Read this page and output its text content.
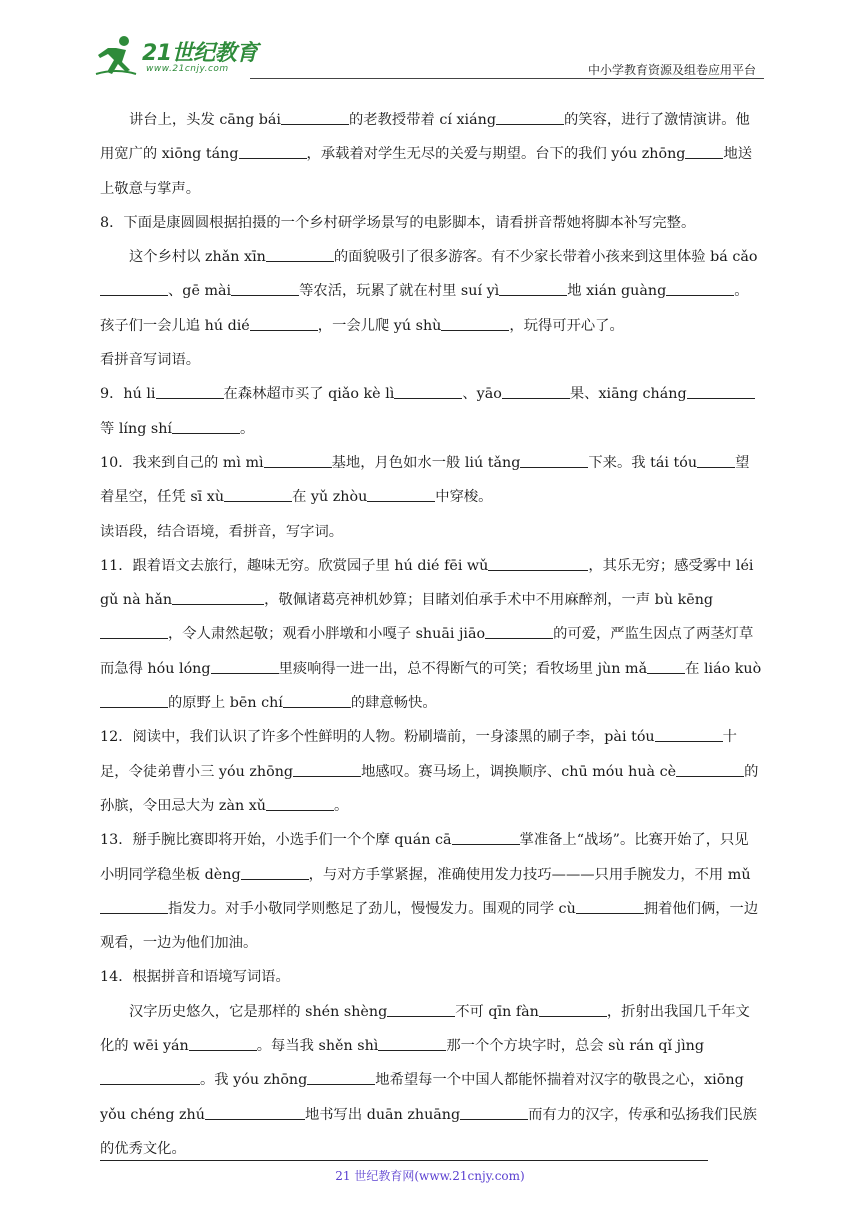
21世纪教育
www.21cnjy.com	中小学教育资源及组卷应用平台

讲台上，头发 cāng bái	的老教授带着 cí xiáng	的笑容，进行了激情演讲。他用宽广的 xiōng táng	，承载着对学生无尽的关爱与期望。台下的我们 yóu zhōng	地送上敬意与掌声。

8．下面是康圆圆根据拍摄的一个乡村研学场景写的电影脚本，请看拼音帮她将脚本补写完整。

这个乡村以 zhǎn xīn	的面貌吸引了很多游客。有不少家长带着小孩来到这里体验 bá cǎo、gē mài	等农活，玩累了就在村里 suí yì	地 xián guàng	。孩子们一会儿追 hú dié	，一会儿爬 yú shù	，玩得可开心了。

看拼音写词语。

9．hú li	在森林超市买了 qiǎo kè lì	、yāo	果、xiāng cháng等 líng shí	。

10．我来到自己的 mì mì	基地，月色如水一般 liú tǎng	下来。我 tái tóu	望着星空，任凭 sī xù	在 yǔ zhòu	中穿梭。

读语段，结合语境，看拼音，写字词。

11．跟着语文去旅行，趣味无穷。欣赏园子里 hú dié fēi wǔ	，其乐无穷；感受雾中 léi gǔ nà hǎn	，敬佩诸葛亮神机妙算；目睹刘伯承手术中不用麻醉剂，一声 bù kēng，令人肃然起敬；观看小胖墩和小嘎子 shuāi jiāo	的可爱，严监生因点了两茎灯草而急得 hóu lóng	里痰响得一进一出，总不得断气的可笑；看牧场里 jùn mǎ	在 liáo kuò的原野上 bēn chí	的肆意畅快。

12．阅读中，我们认识了许多个性鲜明的人物。粉刷墙前，一身漆黑的刷子李，pài tóu	十足，令徒弟曹小三 yóu zhōng	地感叹。赛马场上，调换顺序、chū móu huà cè	的孙膑，令田忌大为 zàn xǔ	。

13．掰手腕比赛即将开始，小选手们一个个摩 quán cā	掌准备上“战场”。比赛开始了，只见小明同学稳坐板 dèng	，与对方手掌紧握，准确使用发力技巧———只用手腕发力，不用 mǔ指发力。对手小敬同学则憋足了劲儿，慢慢发力。围观的同学 cù	拥着他们俩，一边观看，一边为他们加油。

14．根据拼音和语境写词语。

汉字历史悠久，它是那样的 shén shèng	不可 qīn fàn	，折射出我国几千年文化的 wēi yán	。每当我 shěn shì	那一个个方块字时，总会 sù rán qǐ jìng。我 yóu zhōng	地希望每一个中国人都能怀揣着对汉字的敬畏之心，xiōng yǒu chéng zhú	地书写出 duān zhuāng	而有力的汉字，传承和弘扬我们民族的优秀文化。

21 世纪教育网(www.21cnjy.com)
